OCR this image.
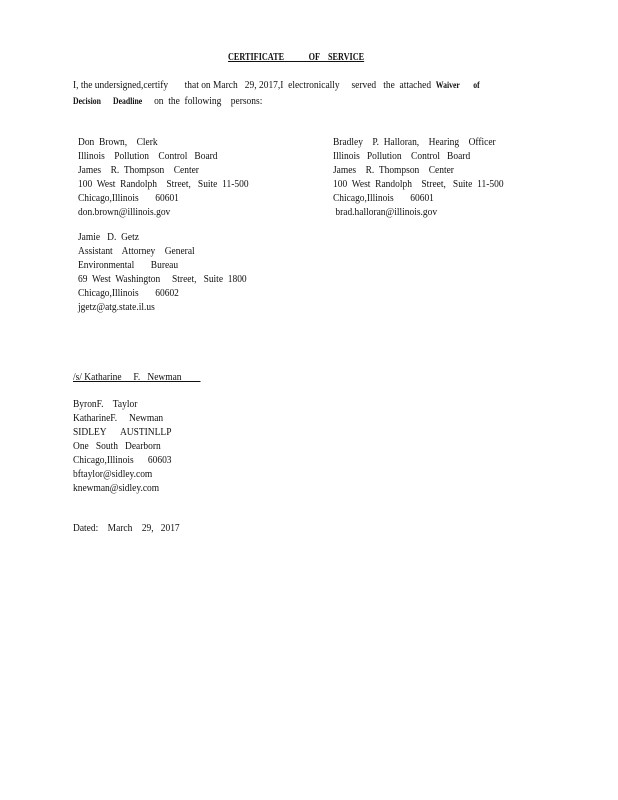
CERTIFICATE            OF    SERVICE
I, the undersigned,certify       that on March   29, 2017,I  electronically     served   the  attached  Waiver       of
Decision Deadline     on  the  following    persons:
Don  Brown,    Clerk
Illinois    Pollution    Control   Board
James    R.  Thompson    Center
100  West  Randolph    Street,   Suite  11-500
Chicago,Illinois       60601
don.brown@illinois.gov
Bradley    P.  Halloran,    Hearing    Officer
Illinois   Pollution    Control   Board
James    R.  Thompson    Center
100  West  Randolph    Street,   Suite  11-500
Chicago,Illinois       60601
brad.halloran@illinois.gov
Jamie   D.  Getz
Assistant    Attorney    General
Environmental       Bureau
69  West  Washington     Street,   Suite  1800
Chicago,Illinois       60602
jgetz@atg.state.il.us
/s/ Katharine     F.   Newman   _ _
ByronF.    Taylor
KatharineF.     Newman
SIDLEY      AUSTINLLP
One   South   Dearborn
Chicago,Illinois      60603
bftaylor@sidley.com
knewman@sidley.com
Dated:    March    29,   2017
